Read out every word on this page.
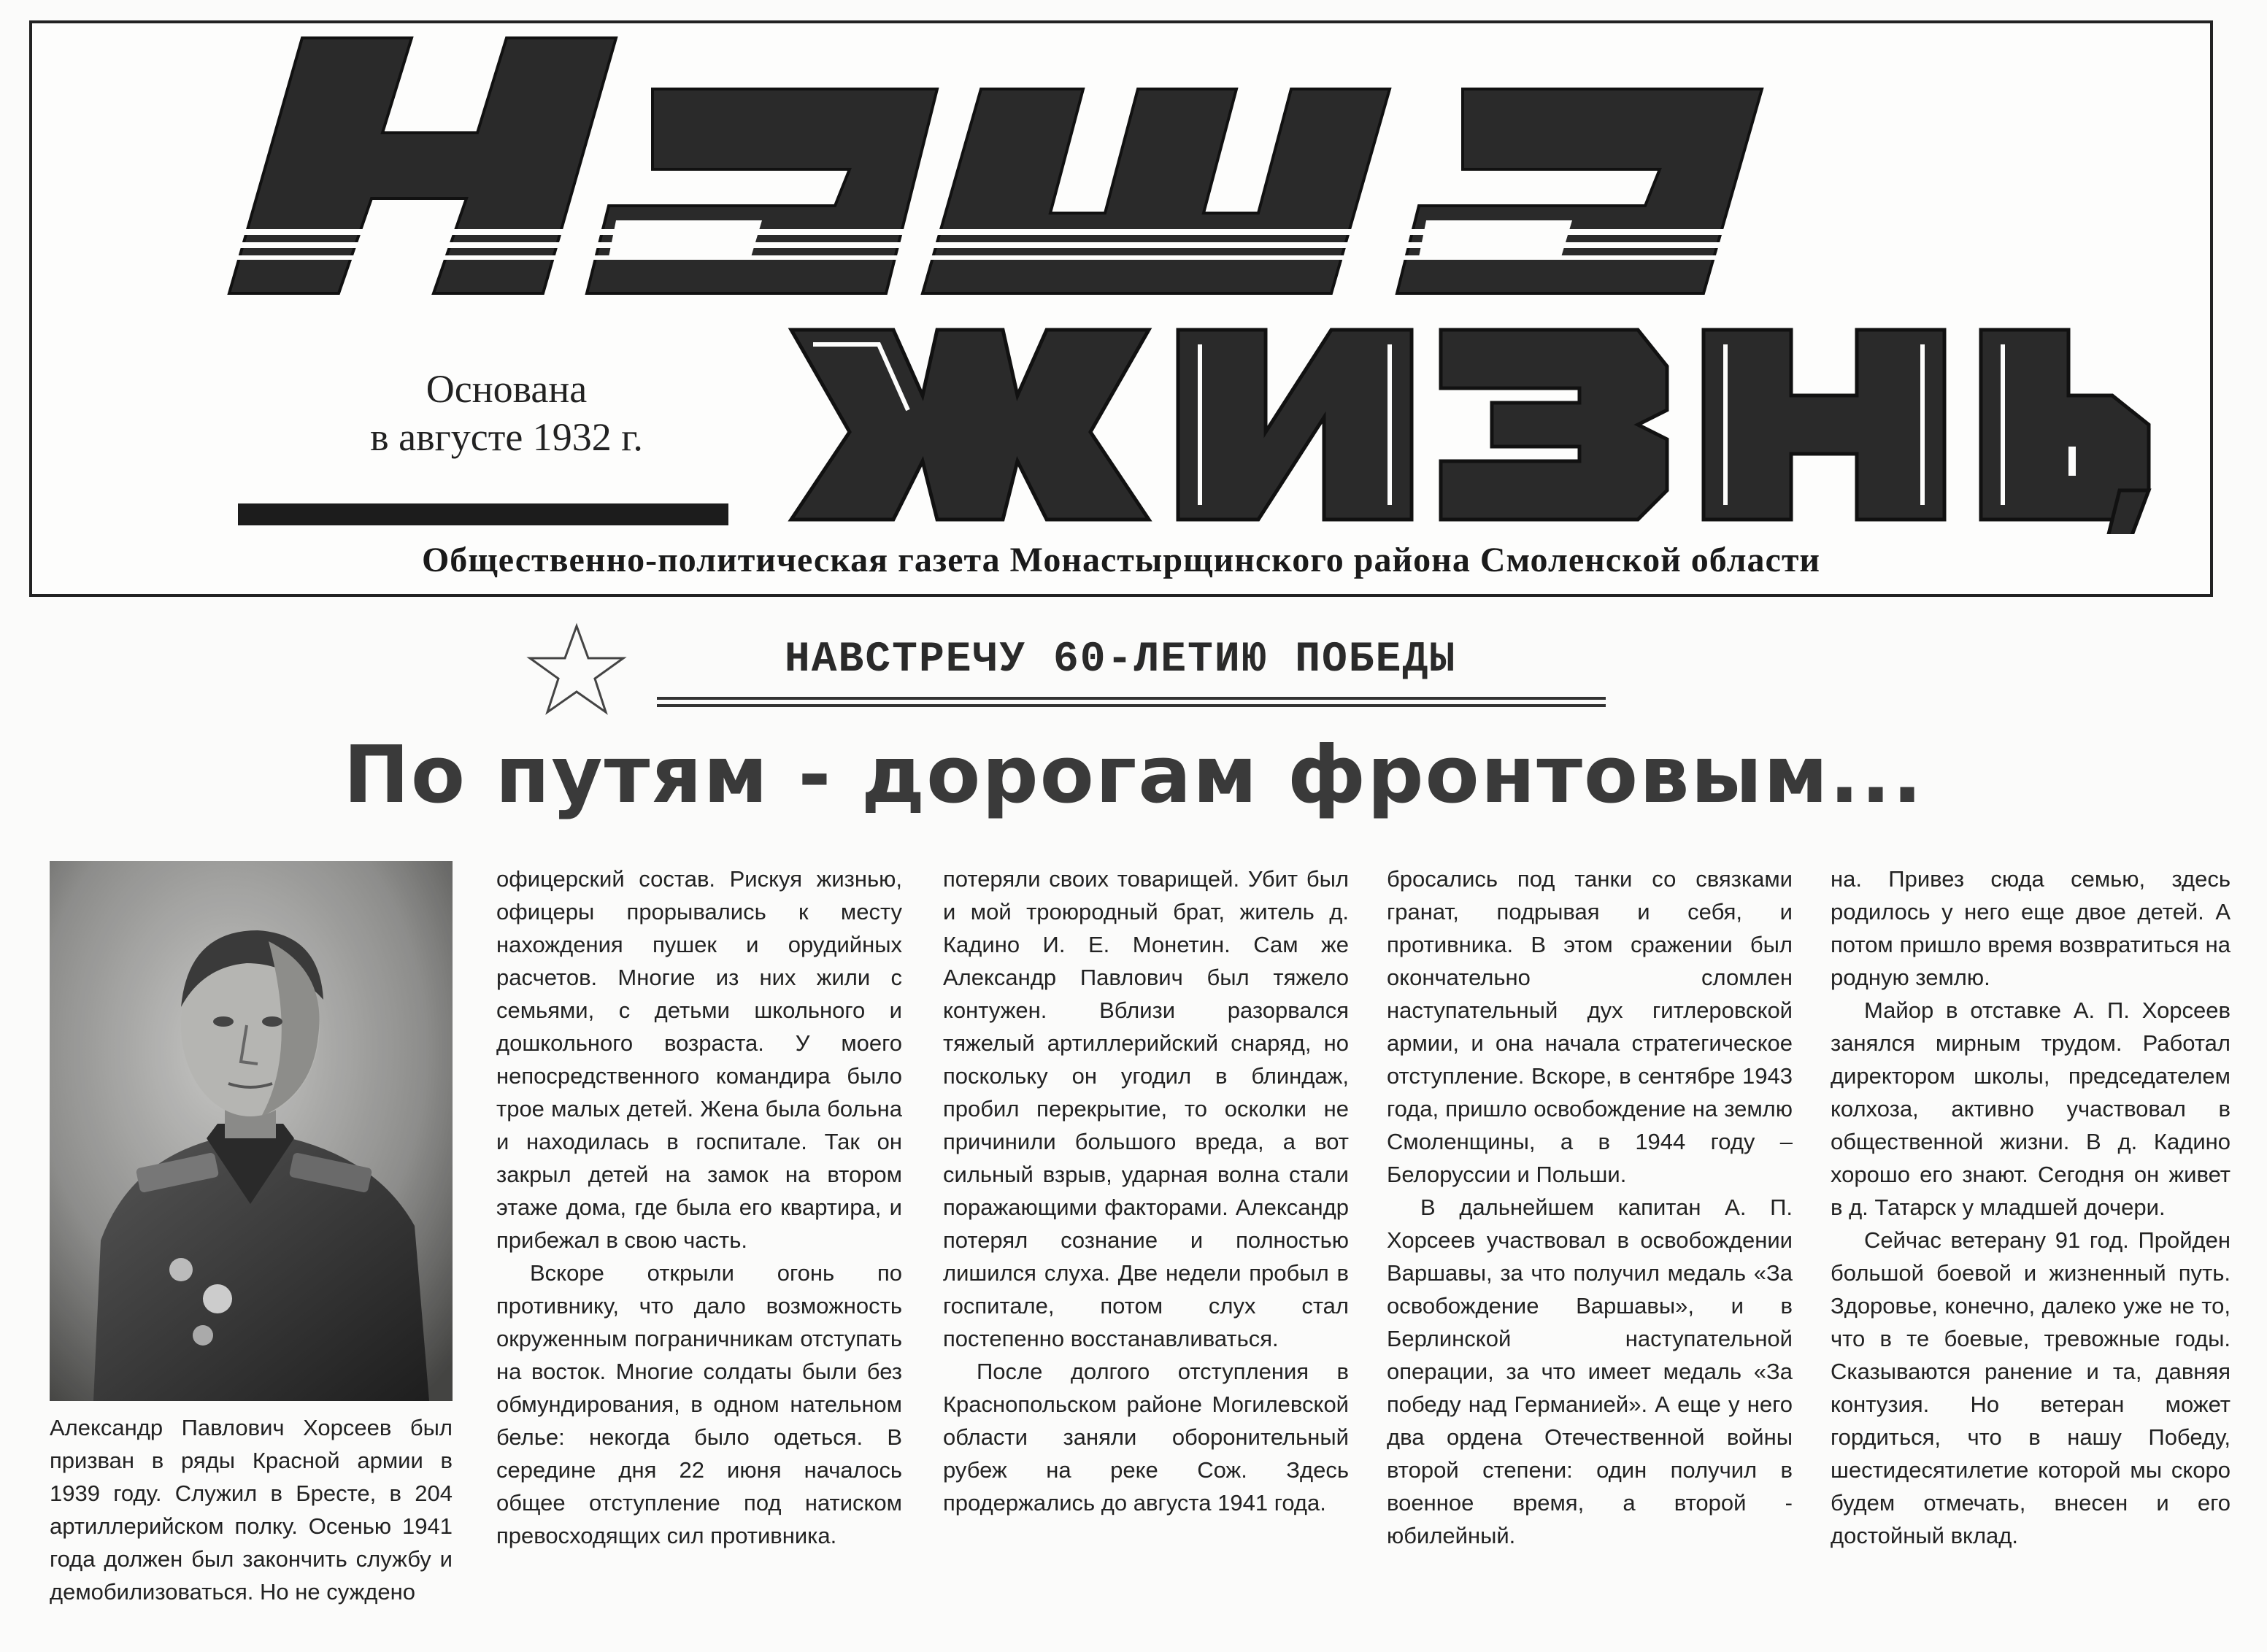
Основана
в августе 1932 г.
Общественно-политическая газета Монастырщинского района Смоленской области
НАВСТРЕЧУ 60-ЛЕТИЮ ПОБЕДЫ
По путям - дорогам фронтовым...
Александр Павлович Хорсеев был призван в ряды Красной армии в 1939 году. Служил в Бресте, в 204 артиллерийском полку. Осенью 1941 года должен был закончить службу и демобилизоваться. Но не суждено

офицерский состав. Рискуя жизнью, офицеры прорывались к месту нахождения пушек и орудийных расчетов. Многие из них жили с семьями, с детьми школьного и дошкольного возраста. У моего непосредственного командира было трое малых детей. Жена была больна и находилась в госпитале. Так он закрыл детей на замок на втором этаже дома, где была его квартира, и прибежал в свою часть.

Вскоре открыли огонь по противнику, что дало возможность окруженным пограничникам отступать на восток. Многие солдаты были без обмундирования, в одном нательном белье: некогда было одеться. В середине дня 22 июня началось общее отступление под натиском превосходящих сил противника.

потеряли своих товарищей. Убит был и мой троюродный брат, житель д. Кадино И. Е. Монетин. Сам же Александр Павлович был тяжело контужен. Вблизи разорвался тяжелый артиллерийский снаряд, но поскольку он угодил в блиндаж, пробил перекрытие, то осколки не причинили большого вреда, а вот сильный взрыв, ударная волна стали поражающими факторами. Александр потерял сознание и полностью лишился слуха. Две недели пробыл в госпитале, потом слух стал постепенно восстанавливаться.

После долгого отступления в Краснопольском районе Могилевской области заняли оборонительный рубеж на реке Сож. Здесь продержались до августа 1941 года.

бросались под танки со связками гранат, подрывая и себя, и противника. В этом сражении был окончательно сломлен наступательный дух гитлеровской армии, и она начала стратегическое отступление. Вскоре, в сентябре 1943 года, пришло освобождение на землю Смоленщины, а в 1944 году – Белоруссии и Польши.

В дальнейшем капитан А. П. Хорсеев участвовал в освобождении Варшавы, за что получил медаль «За освобождение Варшавы», и в Берлинской наступательной операции, за что имеет медаль «За победу над Германией». А еще у него два ордена Отечественной войны второй степени: один получил в военное время, а второй - юбилейный.

на. Привез сюда семью, здесь родилось у него еще двое детей. А потом пришло время возвратиться на родную землю.

Майор в отставке А. П. Хорсеев занялся мирным трудом. Работал директором школы, председателем колхоза, активно участвовал в общественной жизни. В д. Кадино хорошо его знают. Сегодня он живет в д. Татарск у младшей дочери.

Сейчас ветерану 91 год. Пройден большой боевой и жизненный путь. Здоровье, конечно, далеко уже не то, что в те боевые, тревожные годы. Сказываются ранение и та, давняя контузия. Но ветеран может гордиться, что в нашу Победу, шестидесятилетие которой мы скоро будем отмечать, внесен и его достойный вклад.
